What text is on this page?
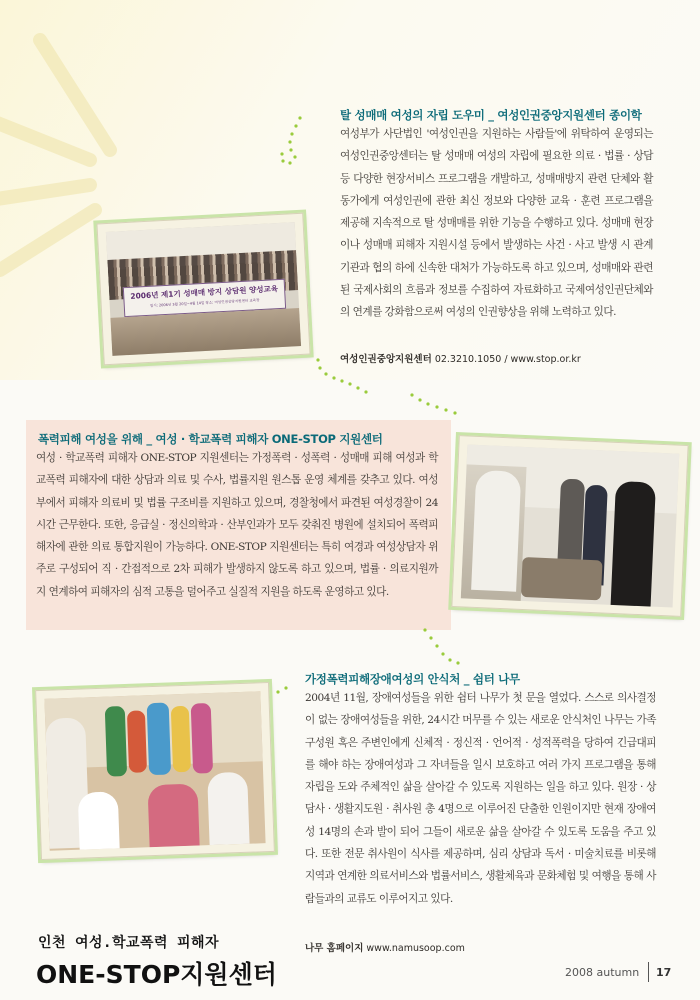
탈 성매매 여성의 자립 도우미 _ 여성인권중앙지원센터 종이학
여성부가 사단법인 '여성인권을 지원하는 사람들'에 위탁하여 운영되는 여성인권중앙센터는 탈 성매매 여성의 자립에 필요한 의료 · 법률 · 상담 등 다양한 현장서비스 프로그램을 개발하고, 성매매방지 관련 단체와 활동가에게 여성인권에 관한 최신 정보와 다양한 교육 · 훈련 프로그램을 제공해 지속적으로 탈 성매매를 위한 기능을 수행하고 있다. 성매매 현장이나 성매매 피해자 지원시설 등에서 발생하는 사건 · 사고 발생 시 관계기관과 협의 하에 신속한 대처가 가능하도록 하고 있으며, 성매매와 관련된 국제사회의 흐름과 정보를 수집하여 자료화하고 국제여성인권단체와의 연계를 강화함으로써 여성의 인권향상을 위해 노력하고 있다.
여성인권중앙지원센터 02.3210.1050 / www.stop.or.kr
2006년 제1기 성매매 방지 상담원 양성교육
일시: 2006년 3월 20일~4월 14일 장소: 여성인권중앙지원센터 교육장
폭력피해 여성을 위해 _ 여성 · 학교폭력 피해자 ONE-STOP 지원센터
여성 · 학교폭력 피해자 ONE-STOP 지원센터는 가정폭력 · 성폭력 · 성매매 피해 여성과 학교폭력 피해자에 대한 상담과 의료 및 수사, 법률지원 원스톱 운영 체계를 갖추고 있다. 여성부에서 피해자 의료비 및 법률 구조비를 지원하고 있으며, 경찰청에서 파견된 여성경찰이 24시간 근무한다. 또한, 응급실 · 정신의학과 · 산부인과가 모두 갖춰진 병원에 설치되어 폭력피해자에 관한 의료 통합지원이 가능하다. ONE-STOP 지원센터는 특히 여경과 여성상담자 위주로 구성되어 직 · 간접적으로 2차 피해가 발생하지 않도록 하고 있으며, 법률 · 의료지원까지 연계하여 피해자의 심적 고통을 덜어주고 실질적 지원을 하도록 운영하고 있다.
가정폭력피해장애여성의 안식처 _ 쉼터 나무
2004년 11월, 장애여성들을 위한 쉼터 나무가 첫 문을 열었다. 스스로 의사결정이 없는 장애여성들을 위한, 24시간 머무를 수 있는 새로운 안식처인 나무는 가족구성원 혹은 주변인에게 신체적 · 정신적 · 언어적 · 성적폭력을 당하여 긴급대피를 해야 하는 장애여성과 그 자녀들을 일시 보호하고 여러 가지 프로그램을 통해 자립을 도와 주체적인 삶을 살아갈 수 있도록 지원하는 일을 하고 있다. 원장 · 상담사 · 생활지도원 · 취사원 총 4명으로 이루어진 단출한 인원이지만 현재 장애여성 14명의 손과 발이 되어 그들이 새로운 삶을 살아갈 수 있도록 도움을 주고 있다. 또한 전문 취사원이 식사를 제공하며, 심리 상담과 독서 · 미술치료를 비롯해 지역과 연계한 의료서비스와 법률서비스, 생활체육과 문화체험 및 여행을 통해 사람들과의 교류도 이루어지고 있다.
나무 홈페이지 www.namusoop.com
인천 여성.학교폭력 피해자
ONE-STOP지원센터	2008 autumn 17
